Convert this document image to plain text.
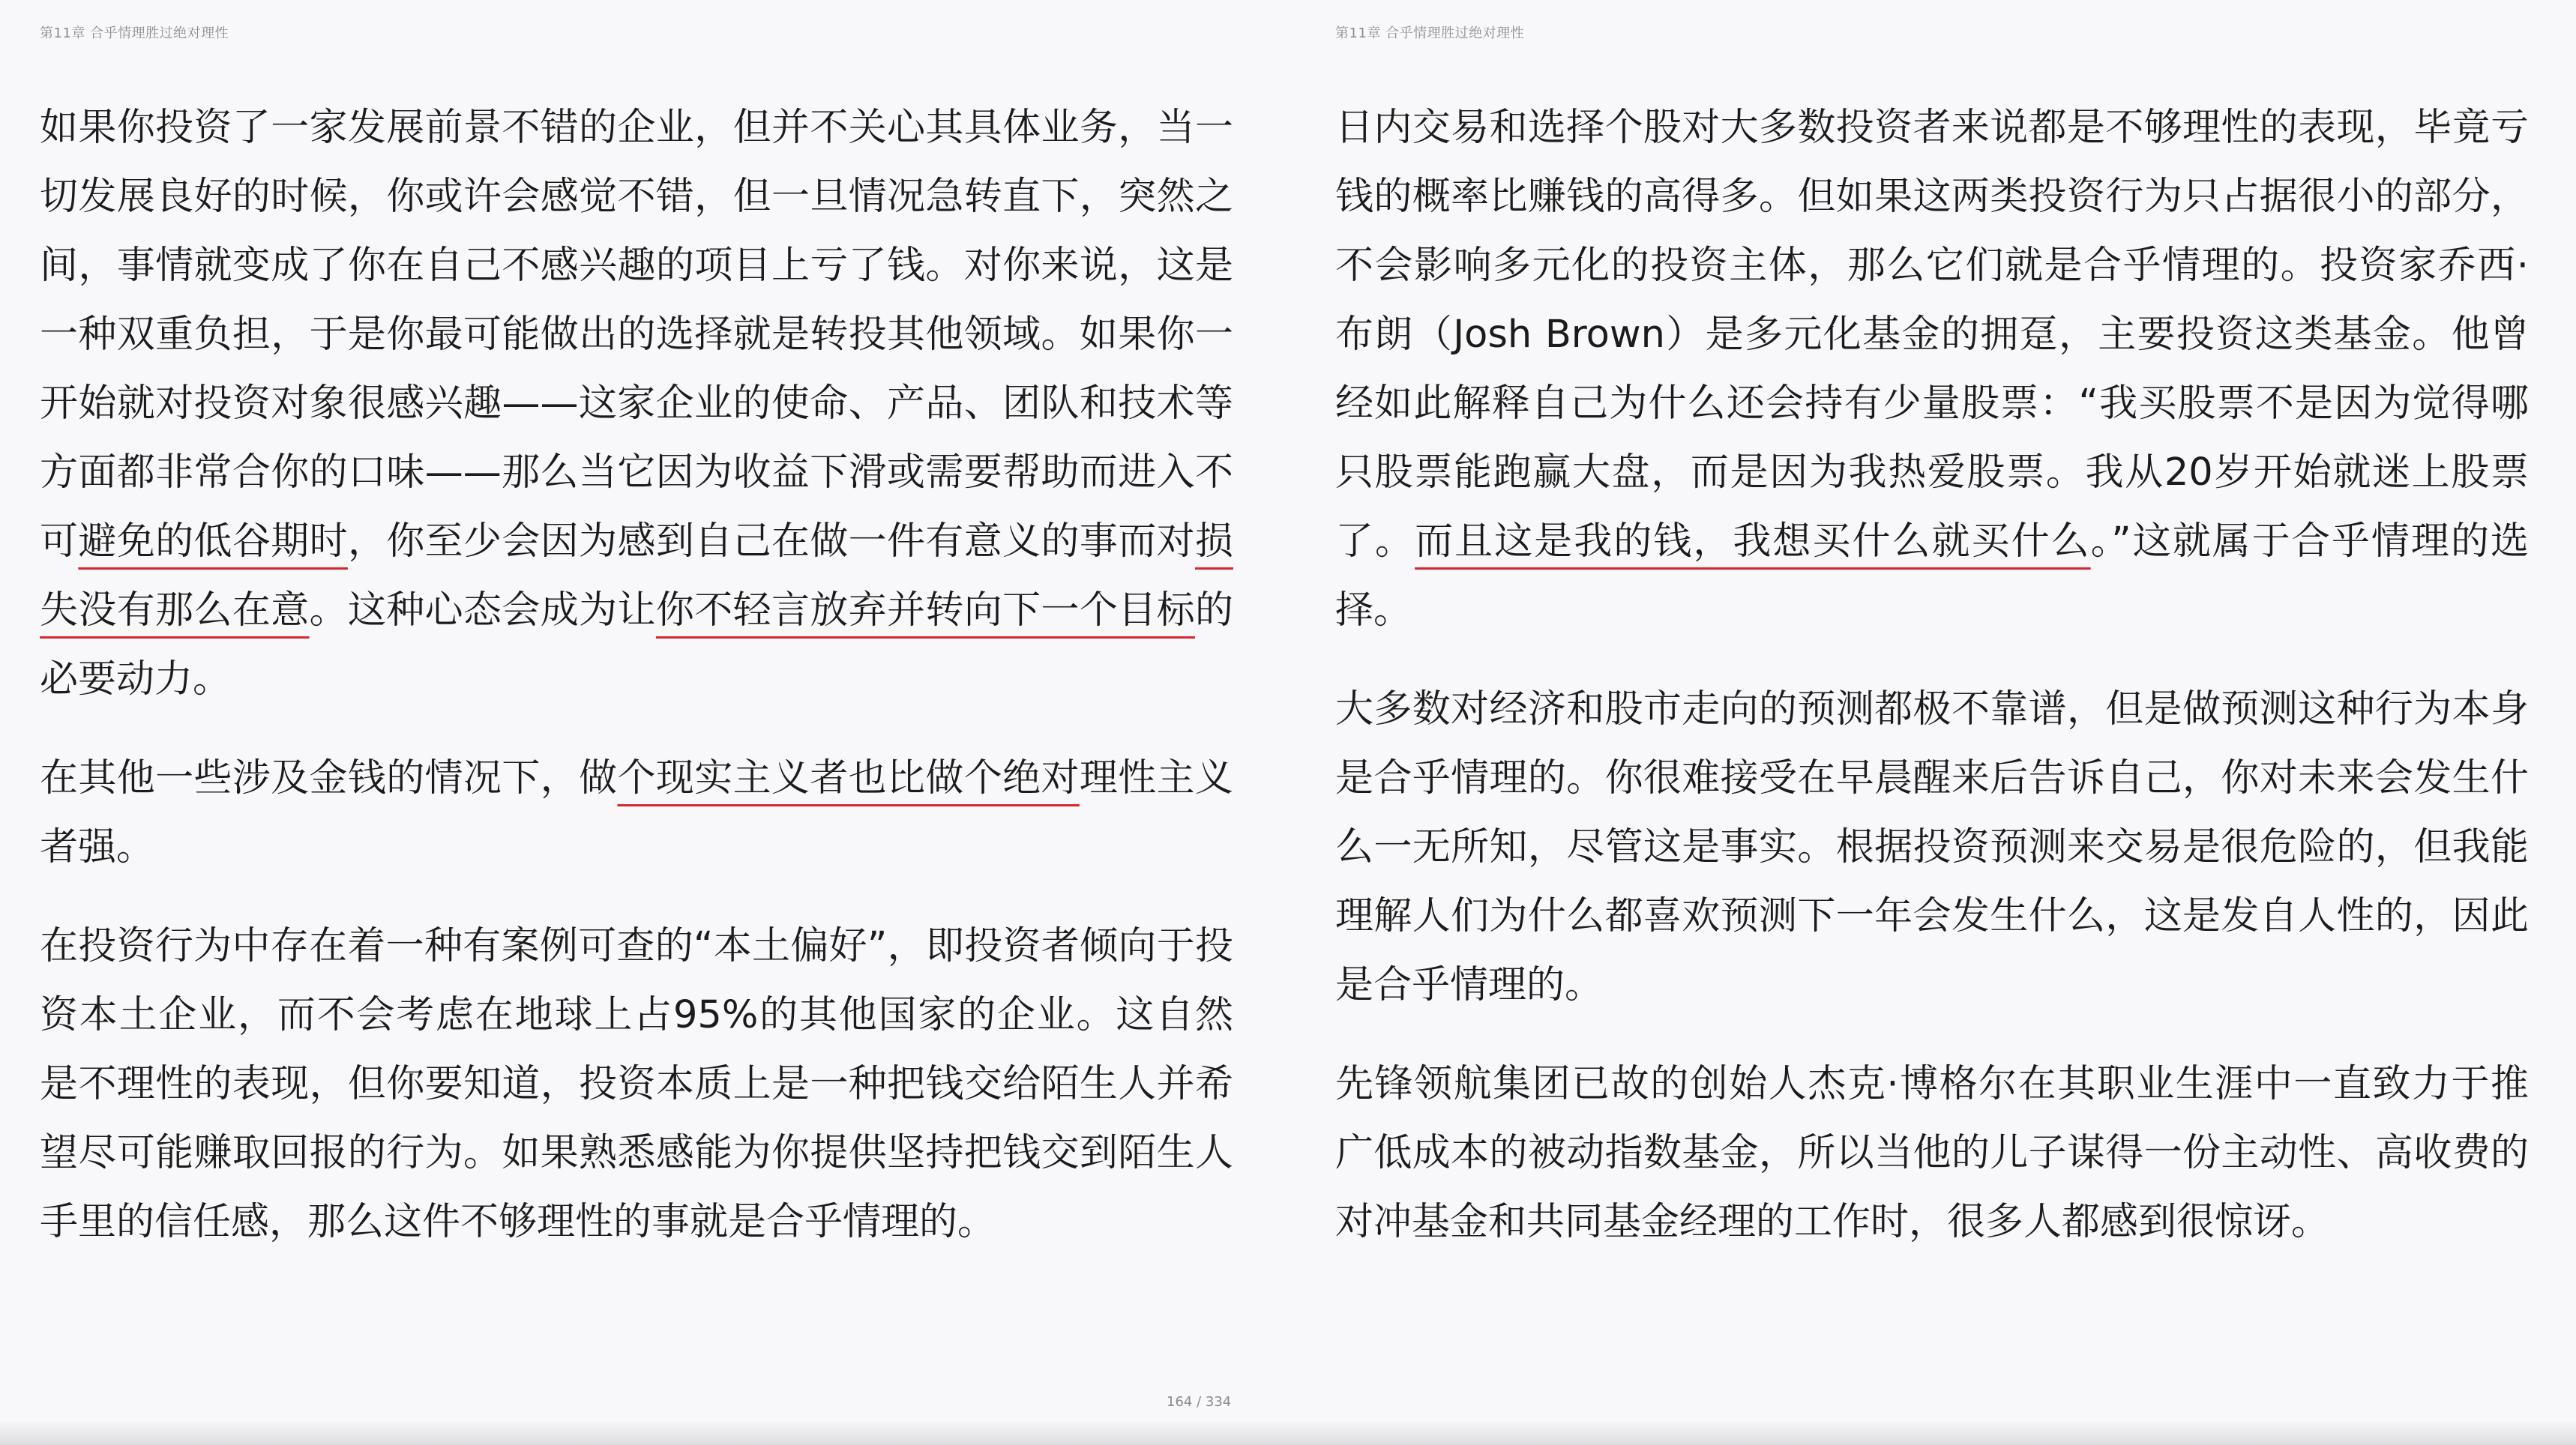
第11章 合乎情理胜过绝对理性

如果你投资了一家发展前景不错的企业，但并不关心其具体业务，当一切发展良好的时候，你或许会感觉不错，但一旦情况急转直下，突然之间，事情就变成了你在自己不感兴趣的项目上亏了钱。对你来说，这是一种双重负担，于是你最可能做出的选择就是转投其他领域。如果你一开始就对投资对象很感兴趣——这家企业的使命、产品、团队和技术等方面都非常合你的口味——那么当它因为收益下滑或需要帮助而进入不可避免的低谷期时，你至少会因为感到自己在做一件有意义的事而对损失没有那么在意。这种心态会成为让你不轻言放弃并转向下一个目标的必要动力。

在其他一些涉及金钱的情况下，做个现实主义者也比做个绝对理性主义者强。

在投资行为中存在着一种有案例可查的“本土偏好”，即投资者倾向于投资本土企业，而不会考虑在地球上占95%的其他国家的企业。这自然是不理性的表现，但你要知道，投资本质上是一种把钱交给陌生人并希望尽可能赚取回报的行为。如果熟悉感能为你提供坚持把钱交到陌生人手里的信任感，那么这件不够理性的事就是合乎情理的。

164 / 334
第11章 合乎情理胜过绝对理性

日内交易和选择个股对大多数投资者来说都是不够理性的表现，毕竟亏钱的概率比赚钱的高得多。但如果这两类投资行为只占据很小的部分，不会影响多元化的投资主体，那么它们就是合乎情理的。投资家乔西·布朗（Josh Brown）是多元化基金的拥趸，主要投资这类基金。他曾经如此解释自己为什么还会持有少量股票：“我买股票不是因为觉得哪只股票能跑赢大盘，而是因为我热爱股票。我从20岁开始就迷上股票了。而且这是我的钱，我想买什么就买什么。”这就属于合乎情理的选择。

大多数对经济和股市走向的预测都极不靠谱，但是做预测这种行为本身是合乎情理的。你很难接受在早晨醒来后告诉自己，你对未来会发生什么一无所知，尽管这是事实。根据投资预测来交易是很危险的，但我能理解人们为什么都喜欢预测下一年会发生什么，这是发自人性的，因此是合乎情理的。

先锋领航集团已故的创始人杰克·博格尔在其职业生涯中一直致力于推广低成本的被动指数基金，所以当他的儿子谋得一份主动性、高收费的对冲基金和共同基金经理的工作时，很多人都感到很惊讶。
